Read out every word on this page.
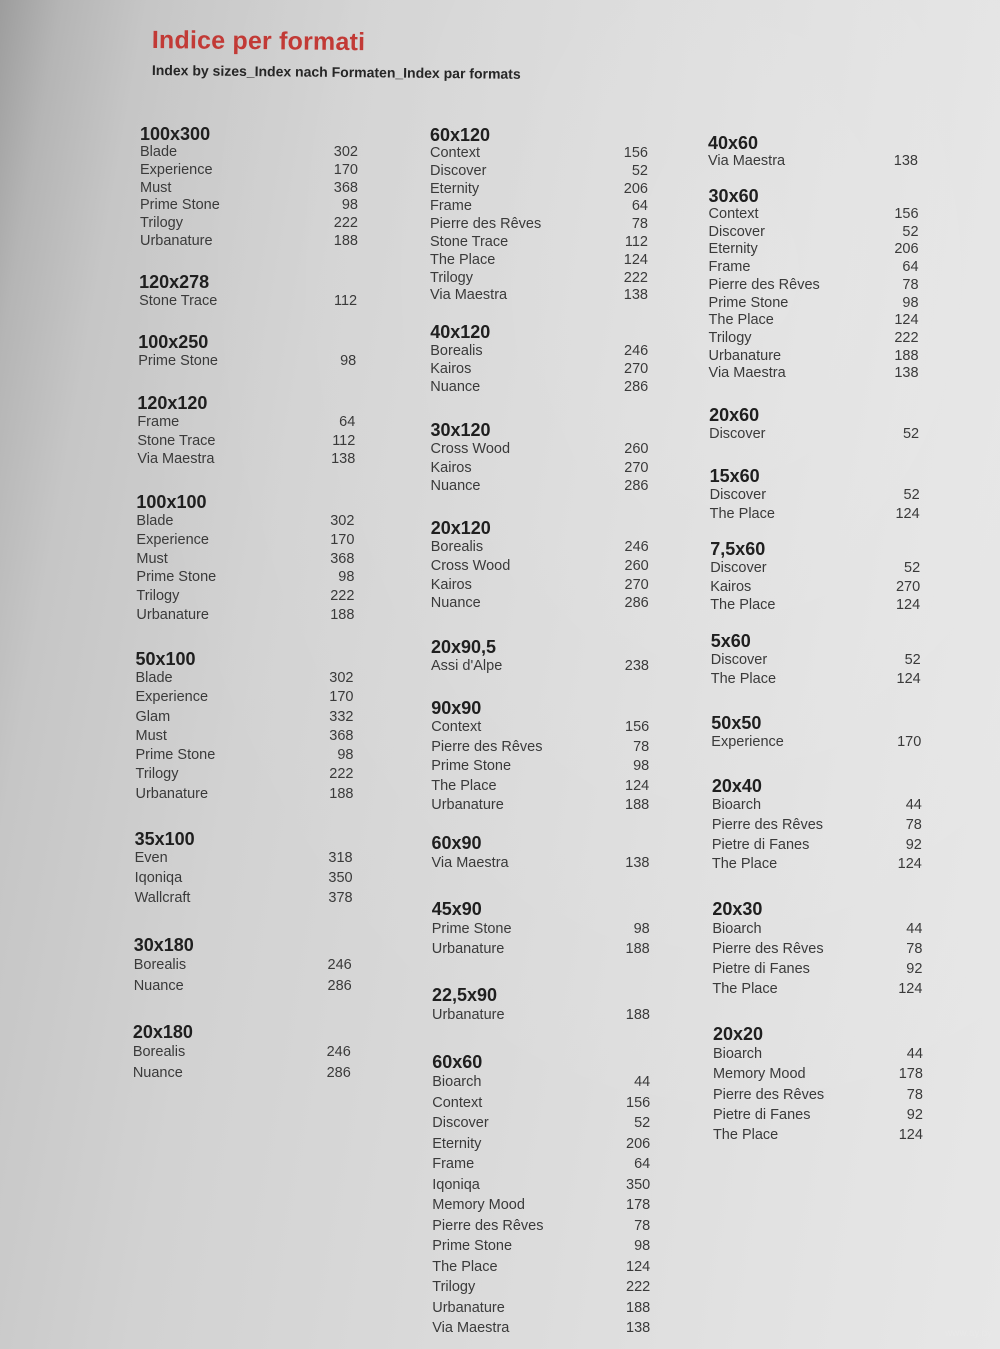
Indice per formati
Index by sizes_Index nach Formaten_Index par formats
100x300
Blade	302
Experience	170
Must	368
Prime Stone	98
Trilogy	222
Urbanature	188
120x278
Stone Trace	112
100x250
Prime Stone	98
120x120
Frame	64
Stone Trace	112
Via Maestra	138
100x100
Blade	302
Experience	170
Must	368
Prime Stone	98
Trilogy	222
Urbanature	188
50x100
Blade	302
Experience	170
Glam	332
Must	368
Prime Stone	98
Trilogy	222
Urbanature	188
35x100
Even	318
Iqoniqa	350
Wallcraft	378
30x180
Borealis	246
Nuance	286
20x180
Borealis	246
Nuance	286
60x120
Context	156
Discover	52
Eternity	206
Frame	64
Pierre des Rêves	78
Stone Trace	112
The Place	124
Trilogy	222
Via Maestra	138
40x120
Borealis	246
Kairos	270
Nuance	286
30x120
Cross Wood	260
Kairos	270
Nuance	286
20x120
Borealis	246
Cross Wood	260
Kairos	270
Nuance	286
20x90,5
Assi d'Alpe	238
90x90
Context	156
Pierre des Rêves	78
Prime Stone	98
The Place	124
Urbanature	188
60x90
Via Maestra	138
45x90
Prime Stone	98
Urbanature	188
22,5x90
Urbanature	188
60x60
Bioarch	44
Context	156
Discover	52
Eternity	206
Frame	64
Iqoniqa	350
Memory Mood	178
Pierre des Rêves	78
Prime Stone	98
The Place	124
Trilogy	222
Urbanature	188
Via Maestra	138
40x60
Via Maestra	138
30x60
Context	156
Discover	52
Eternity	206
Frame	64
Pierre des Rêves	78
Prime Stone	98
The Place	124
Trilogy	222
Urbanature	188
Via Maestra	138
20x60
Discover	52
15x60
Discover	52
The Place	124
7,5x60
Discover	52
Kairos	270
The Place	124
5x60
Discover	52
The Place	124
50x50
Experience	170
20x40
Bioarch	44
Pierre des Rêves	78
Pietre di Fanes	92
The Place	124
20x30
Bioarch	44
Pierre des Rêves	78
Pietre di Fanes	92
The Place	124
20x20
Bioarch	44
Memory Mood	178
Pierre des Rêves	78
Pietre di Fanes	92
The Place	124
www.ay.by
